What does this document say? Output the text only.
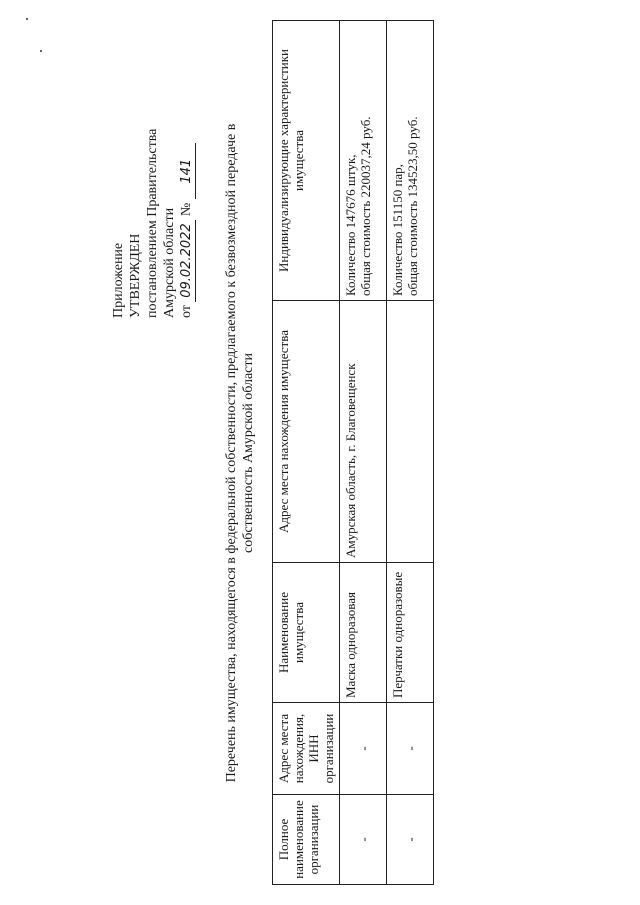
Приложение УТВЕРЖДЕН постановлением Правительства Амурской области от 09.02.2022 № 141 Перечень имущества, находящегося в федеральной собственности, предлагаемого к безвозмездной передаче в собственность Амурской области
Полное наименование организации	Адрес места нахождения, ИНН организации	Наименование имущества	Адрес места нахождения имущества	Индивидуализирующие характеристики имущества
-	-	Маска одноразовая	Амурская область, г. Благовещенск	Количество 147676 штук, общая стоимость 220037,24 руб.

-	-	Перчатки одноразовые		Количество 151150 пар, общая стоимость 134523,50 руб.
